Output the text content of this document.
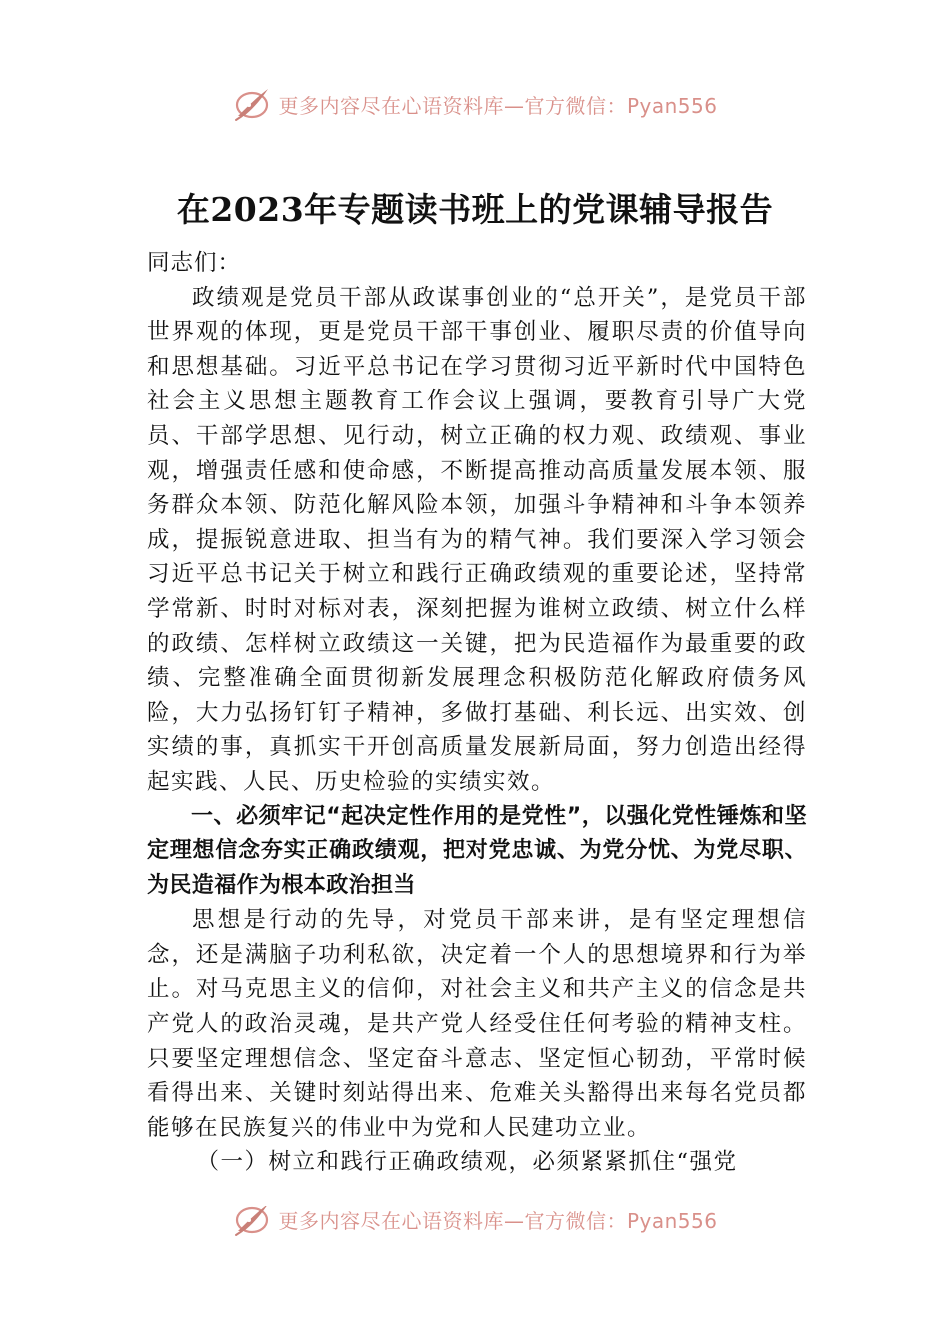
更多内容尽在心语资料库—官方微信：Pyan556
在2023年专题读书班上的党课辅导报告

同志们：

政绩观是党员干部从政谋事创业的“总开关”，是党员干部世界观的体现，更是党员干部干事创业、履职尽责的价值导向和思想基础。习近平总书记在学习贯彻习近平新时代中国特色社会主义思想主题教育工作会议上强调，要教育引导广大党员、干部学思想、见行动，树立正确的权力观、政绩观、事业观，增强责任感和使命感，不断提高推动高质量发展本领、服务群众本领、防范化解风险本领，加强斗争精神和斗争本领养成，提振锐意进取、担当有为的精气神。我们要深入学习领会习近平总书记关于树立和践行正确政绩观的重要论述，坚持常学常新、时时对标对表，深刻把握为谁树立政绩、树立什么样的政绩、怎样树立政绩这一关键，把为民造福作为最重要的政绩、完整准确全面贯彻新发展理念积极防范化解政府债务风险，大力弘扬钉钉子精神，多做打基础、利长远、出实效、创实绩的事，真抓实干开创高质量发展新局面，努力创造出经得起实践、人民、历史检验的实绩实效。

一、必须牢记“起决定性作用的是党性”，以强化党性锤炼和坚定理想信念夯实正确政绩观，把对党忠诚、为党分忧、为党尽职、为民造福作为根本政治担当

思想是行动的先导，对党员干部来讲，是有坚定理想信念，还是满脑子功利私欲，决定着一个人的思想境界和行为举止。对马克思主义的信仰，对社会主义和共产主义的信念是共产党人的政治灵魂，是共产党人经受住任何考验的精神支柱。只要坚定理想信念、坚定奋斗意志、坚定恒心韧劲，平常时候看得出来、关键时刻站得出来、危难关头豁得出来每名党员都能够在民族复兴的伟业中为党和人民建功立业。

（一）树立和践行正确政绩观，必须紧紧抓住“强党

更多内容尽在心语资料库—官方微信：Pyan556
